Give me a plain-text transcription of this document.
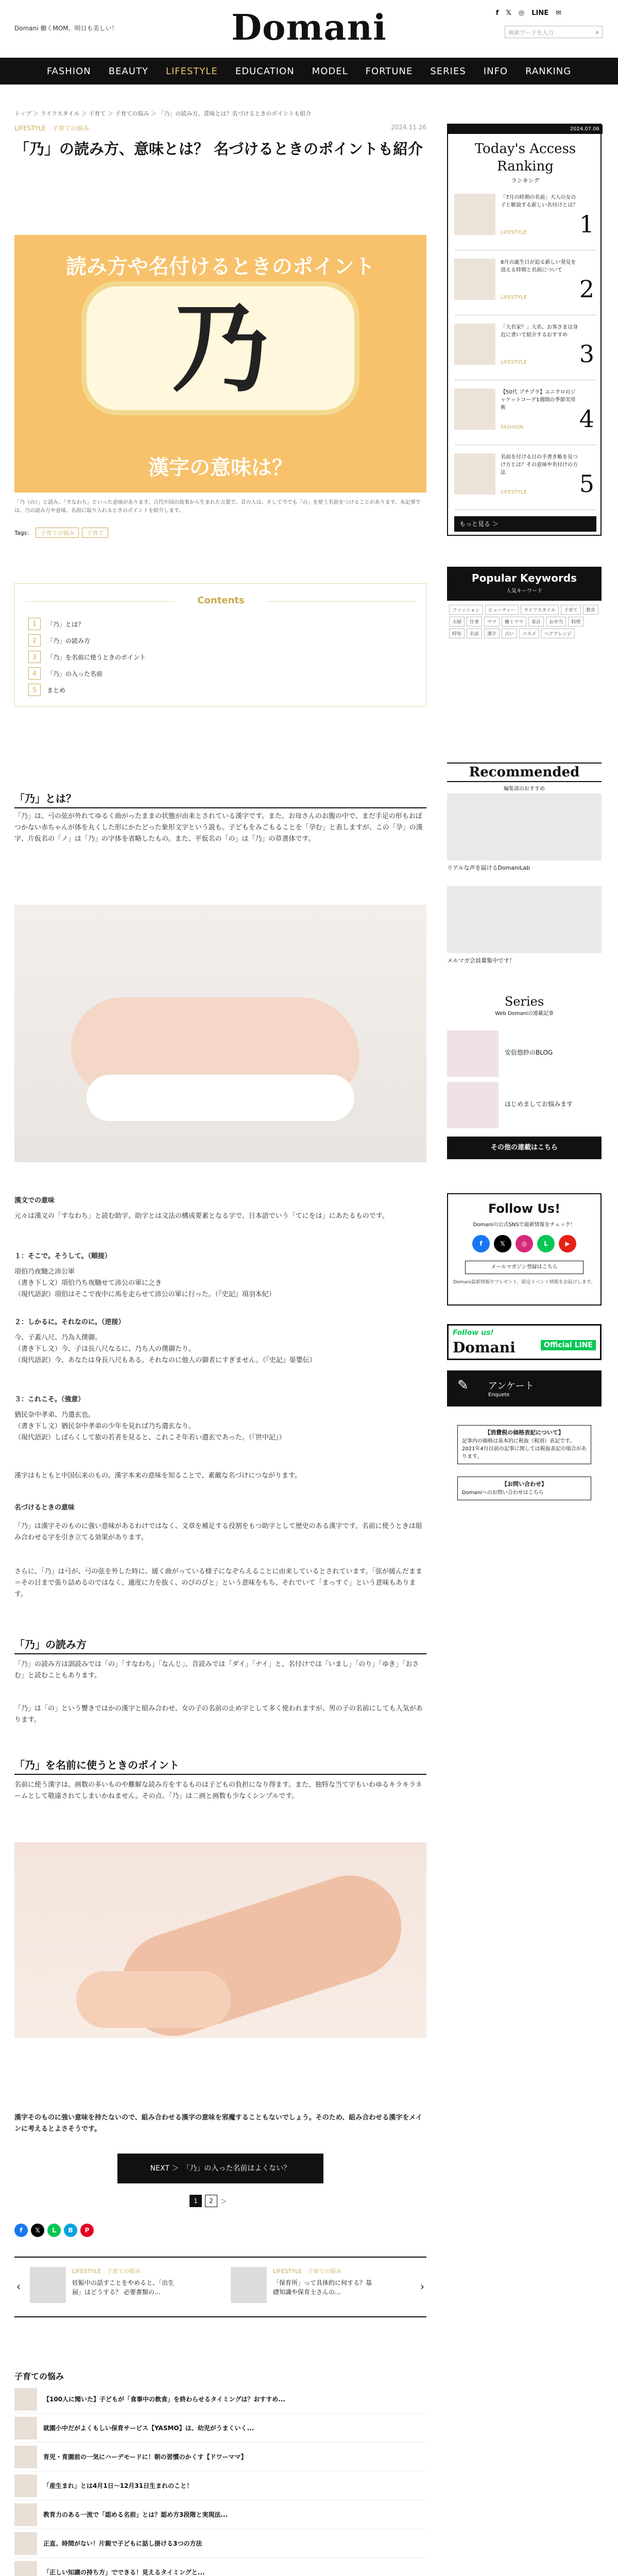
Domani
Domani 働くMOM。明日も美しい！
f 𝕏 ◎ LINE ✉
検索ワードを入力	⌕
FASHION	BEAUTY	LIFESTYLE	EDUCATION	MODEL	FORTUNE	SERIES	INFO	RANKING
トップ ＞ ライフスタイル ＞ 子育て ＞ 子育ての悩み ＞ 「乃」の読み方、意味とは？名づけるときのポイントも紹介
LIFESTYLE　子育ての悩み	2024.11.26
「乃」の読み方、意味とは？ 名づけるときのポイントも紹介
読み方や名付けるときのポイント
乃
漢字の意味は？
「乃（の）」と読み、「すなわち」といった意味があります。古代中国の故事から生まれた言葉で、昔の人は、そして今でも「の」を使う名前をつけることがあります。本記事では、乃の読み方や意味、名前に取り入れるときのポイントを紹介します。
Tags：	子育ての悩み	子育て
Contents
1	「乃」とは？
2	「乃」の読み方
3	「乃」を名前に使うときのポイント
4	「乃」の入った名前
5	まとめ
「乃」とは？
「乃」は、弓の弦が外れてゆるく曲がったままの状態が由来とされている漢字です。また、お母さんのお腹の中で、まだ手足の形もおぼつかない赤ちゃんが体を丸くした形にかたどった象形文字という説も。子どもをみごもることを「孕む」と表しますが、この「孕」の漢字、片仮名の「ノ」は「乃」の字体を省略したもの。また、平仮名の「の」は「乃」の草書体です。
漢文での意味
元々は漢文の「すなわち」と読む助字。助字とは文法の構成要素となる字で、日本語でいう「てにをは」にあたるものです。
１：そこで。そうして。（順接）
項伯乃夜馳之沛公軍
（書き下し文）項伯乃ち夜馳せて沛公の軍に之き
（現代語訳）項伯はそこで夜中に馬を走らせて沛公の軍に行った。（『史記』項羽本紀）
２：しかるに。それなのに。（逆接）
今、子蓋八尺、乃為人僕御。
（書き下し文）今、子は長八尺なるに、乃ち人の僕御たり。
（現代語訳）今、あなたは身長八尺もある。それなのに他人の御者にすぎません。（『史記』晏嬰伝）
３：これこそ。（強意）
猶民奈中孝弟、乃遣玄也。
（書き下し文）猶民奈中孝弟の少年を見れば乃ち遣玄なり。
（現代語訳）しばらくして旅の若者を見ると、これこそ年若い遣玄であった。（『世中記』）
漢字はもともと中国伝来のもの。漢字本来の意味を知ることで、素敵な名づけにつながります。
名づけるときの意味
「乃」は漢字そのものに強い意味があるわけではなく、文章を補足する役割をもつ助字として歴史のある漢字です。名前に使うときは組み合わせる字を引き立てる効果があります。
さらに、「乃」は弓が、弓の弦を外した時に、緩く曲がっている様子になぞらえることに由来しているとされています。「弦が緩んだまま＝その日まで張り詰めるのではなく、適度に力を抜く、のびのびと」という意味をもち、それでいて「まっすぐ」という意味もあります。
「乃」の読み方
「乃」の読み方は訓読みでは「の」「すなわち」「なんじ」、音読みでは「ダイ」「ナイ」と、名付けでは「いまし」「のり」「ゆき」「おさむ」と読むこともあります。
「乃」は「の」という響きではかの漢字と組み合わせ、女の子の名前の止め字として多く使われますが、男の子の名前にしても人気があります。
「乃」を名前に使うときのポイント
名前に使う漢字は、画数の多いものや難解な読み方をするものは子どもの負担になり得ます。また、独特な当て字もいわゆるキラキラネームとして敬遠されてしまいかねません。その点、「乃」は二画と画数も少なくシンプルです。
漢字そのものに強い意味を持たないので、組み合わせる漢字の意味を邪魔することもないでしょう。そのため、組み合わせる漢字をメインに考えるとよさそうです。
NEXT ＞　「乃」の入った名前はよくない？
1	2	＞
f	𝕏	L	B	P
‹
LIFESTYLE　子育ての悩み
妊娠中の話すことをやめると、「出生届」はどうする？ 必要書類の...
LIFESTYLE　子育ての悩み
「保育所」って具体的に何する？基礎知識や保育士さんの...	›
子育ての悩み
【100人に聞いた】子どもが「食事中の飲食」を終わらせるタイミングは？おすすめ...
就園小中だがよくもしい保育サービス【YASMO】は、幼児がうまくいく...
育児・育園前の一気にハーデモードに！朝の習慣のかくす【ドワーママ】
「産生まれ」とは4月1日〜12月31日生まれのこと！
教育力のある一流で「認める名前」とは？認め方3段階と実現法...
正直、時間がない！片親で子どもに話し掛ける3つの方法
「正しい知識の持ち方」でできる！見えるタイミングと...
2024.07.06
Today's Access Ranking
ランキング
「7月の時期の名前」大人の女の子と解説する新しい名付けとは？
LIFESTYLE 1
8月の誕生日が迫る新しい発見を迎える時期と名前について
LIFESTYLE 2
「大名家？」大名、お客さまは身近に書いて紹介するおすすめ
LIFESTYLE 3
【50代 プチプラ】ユニクロのジャケットコーデ1週間の季節実用術
FASHION 4
名前を付ける日の手書き帳を見つけ方とは？その意味や名付けの方法
LIFESTYLE 5
もっと見る ＞
Popular Keywords
人気キーワード
ファッション	ビューティー	ライフスタイル	子育て	教育
夫婦	仕事	ママ	働くママ	家計	お弁当	料理
時短	名前	漢字	占い	コスメ	ヘアアレンジ
Recommended
編集部のおすすめ
リアルな声を届けるDomaniLab
メルマガ会員募集中です！
Series
Web Domaniの連載記事
安倍悠紗のBLOG
はじめましてお悩みます
その他の連載はこちら
Follow Us!
Domaniの公式SNSで最新情報をチェック！
f	𝕏	◎	L	▶
メールマガジン登録はこちら
Domani最新情報やプレゼント、限定イベント情報をお届けします。
Follow us!
Domani	Official LINE
✎ アンケート
Enquete
【消費税の価格表記について】
記事内の価格は基本的に税抜（税別）表記です。2021年4月以前の記事に関しては税抜表記の場合があります。
【お問い合わせ】
Domaniへのお問い合わせはこちら
